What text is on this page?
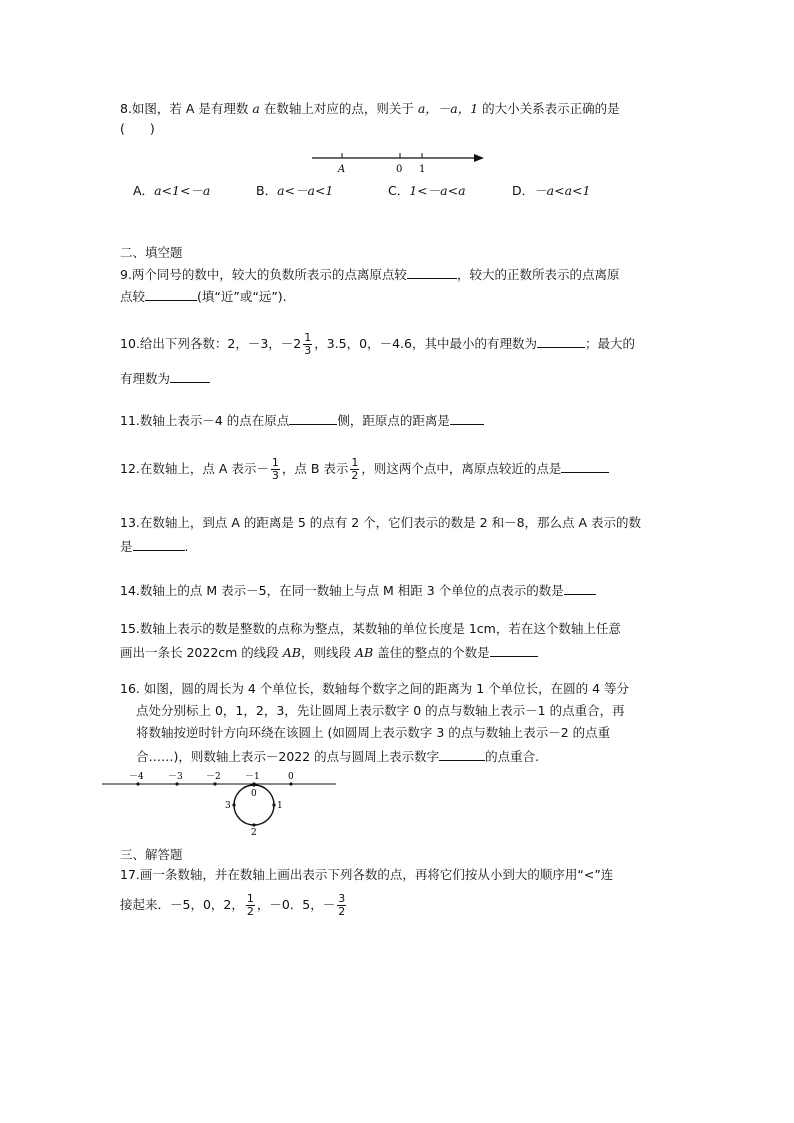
8.如图，若 A 是有理数 a 在数轴上对应的点，则关于 a，－a，1 的大小关系表示正确的是
(　　)
A	0 1
A．a<1<－a	B．a<－a<1	C．1<－a<a	D．－a<a<1
二、填空题
9.两个同号的数中，较大的负数所表示的点离原点较	，较大的正数所表示的点离原
点较	(填“近”或“远”).
10.给出下列各数：2，－3，$-2 \frac{1}{3}$ ，3.5，0，－4.6，其中最小的有理数为	；最大的
有理数为
11.数轴上表示－4 的点在原点	侧，距原点的距离是
12.在数轴上，点 A 表示－ $\frac{1}{3}$ ，点 B 表示 $\frac{1}{2}$ ，则这两个点中，离原点较近的点是
13.在数轴上，到点 A 的距离是 5 的点有 2 个，它们表示的数是 2 和－8，那么点 A 表示的数
是	.
14.数轴上的点 M 表示－5，在同一数轴上与点 M 相距 3 个单位的点表示的数是
15.数轴上表示的数是整数的点称为整点，某数轴的单位长度是 1cm，若在这个数轴上任意
画出一条长 2022cm 的线段 AB，则线段 AB 盖住的整点的个数是
16. 如图，圆的周长为 4 个单位长，数轴每个数字之间的距离为 1 个单位长，在圆的 4 等分
点处分别标上 0，1，2，3，先让圆周上表示数字 0 的点与数轴上表示－1 的点重合，再
将数轴按逆时针方向环绕在该圆上 (如圆周上表示数字 3 的点与数轴上表示－2 的点重
合……)，则数轴上表示－2022 的点与圆周上表示数字	的点重合.
－4	－3	－2	－1	0
0
1
2
3
三、解答题
17.画一条数轴，并在数轴上画出表示下列各数的点，再将它们按从小到大的顺序用“<”连
接起来．－5，0，2， $\frac{1}{2}$ ，－0．5，－ $\frac{3}{2}$
